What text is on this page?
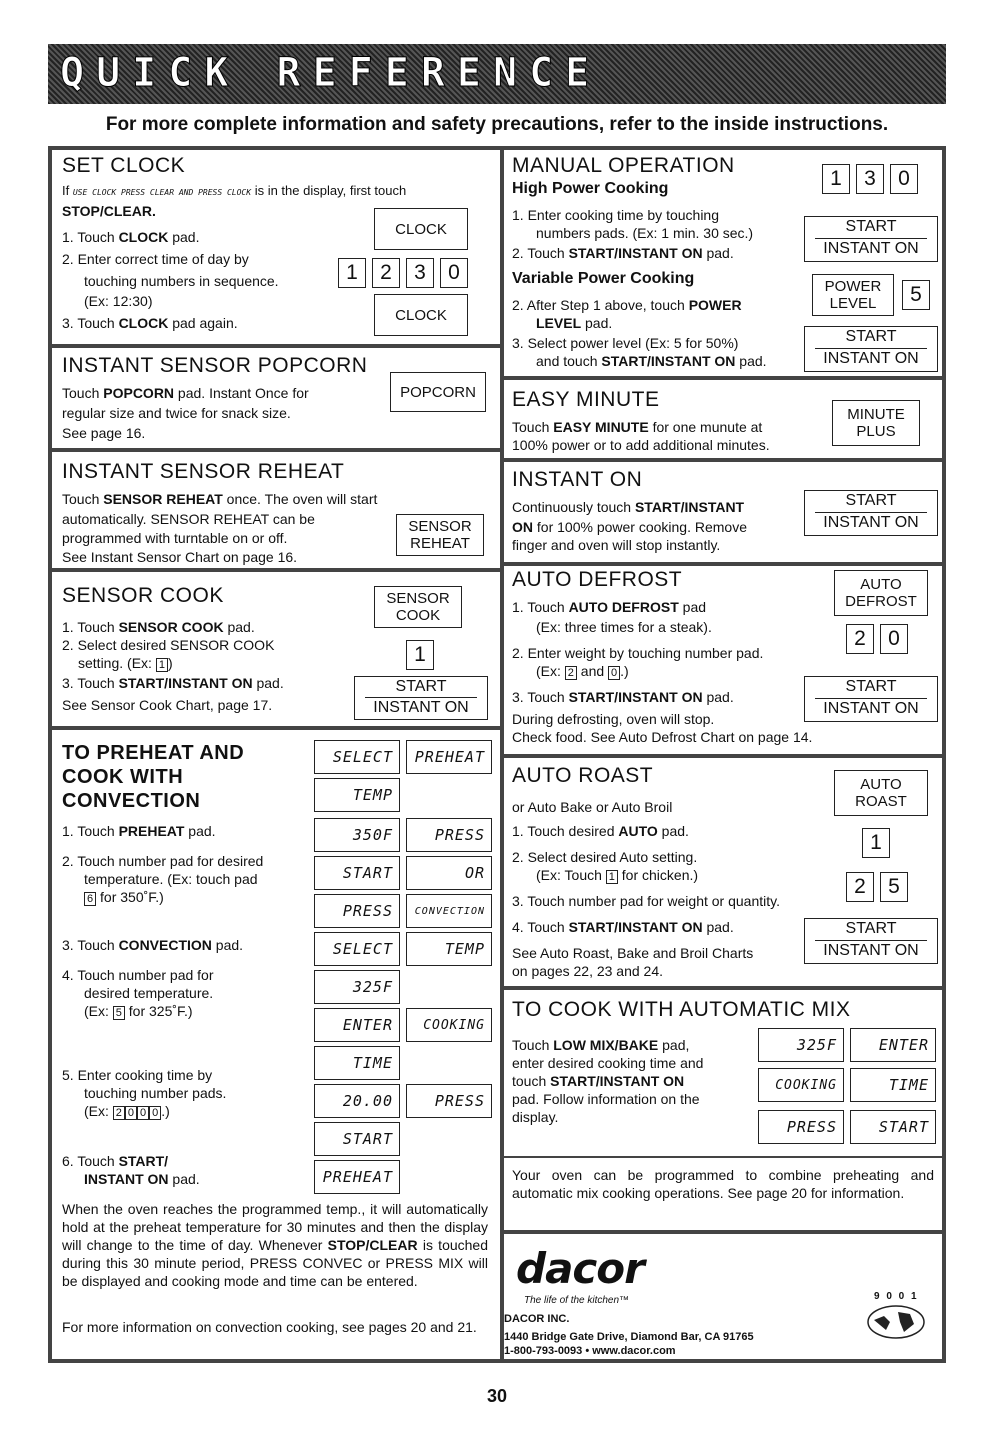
QUICK REFERENCE
For more complete information and safety precautions, refer to the inside instructions.
SET CLOCK
If USE CLOCK PRESS CLEAR AND PRESS CLOCK is in the display, first touch
STOP/CLEAR.
1. Touch CLOCK pad.
2. Enter correct time of day by
touching numbers in sequence.
(Ex: 12:30)
3. Touch CLOCK pad again.
CLOCK
1	2	3	0
CLOCK
INSTANT SENSOR POPCORN
Touch POPCORN pad. Instant Once for
regular size and twice for snack size.
See page 16.
POPCORN
INSTANT SENSOR REHEAT
Touch SENSOR REHEAT once. The oven will start
automatically. SENSOR REHEAT can be
programmed with turntable on or off.
See Instant Sensor Chart on page 16.
SENSOR
REHEAT
SENSOR COOK
1. Touch SENSOR COOK pad.
2. Select desired SENSOR COOK
setting. (Ex: 1 )
3. Touch START/INSTANT ON pad.
See Sensor Cook Chart, page 17.
SENSOR
COOK
1
START
INSTANT ON
TO PREHEAT AND
COOK WITH
CONVECTION
1. Touch PREHEAT pad.
2. Touch number pad for desired
temperature. (Ex: touch pad
6 for 350˚F.)
3. Touch CONVECTION pad.
4. Touch number pad for
desired temperature.
(Ex: 5 for 325˚F.)
5. Enter cooking time by
touching number pads.
(Ex: 2 0 0 0 .)
6. Touch START/
INSTANT ON pad.
When the oven reaches the programmed temp., it will automatically hold at the preheat temperature for 30 minutes and then the display will change to the time of day. Whenever STOP/CLEAR is touched during this 30 minute period, PRESS CONVEC or PRESS MIX will be displayed and cooking mode and time can be entered.
For more information on convection cooking, see pages 20 and 21.
SELECT	PREHEAT
TEMP
350F	PRESS
START	OR
PRESS	CONVECTION
SELECT	TEMP
325F
ENTER	COOKING
TIME
20.00	PRESS
START
PREHEAT
MANUAL OPERATION
High Power Cooking
1. Enter cooking time by touching
numbers pads. (Ex: 1 min. 30 sec.)
2. Touch START/INSTANT ON pad.
Variable Power Cooking
2. After Step 1 above, touch POWER
LEVEL pad.
3. Select power level (Ex: 5 for 50%)
and touch START/INSTANT ON pad.
1	3	0
START
INSTANT ON
POWER
LEVEL	5
START
INSTANT ON
EASY MINUTE
Touch EASY MINUTE for one munute at
100% power or to add additional minutes.
MINUTE
PLUS
INSTANT ON
Continuously touch START/INSTANT
ON for 100% power cooking. Remove
finger and oven will stop instantly.
START
INSTANT ON
AUTO DEFROST
1. Touch AUTO DEFROST pad
(Ex: three times for a steak).
2. Enter weight by touching number pad.
(Ex: 2 and 0 .)
3. Touch START/INSTANT ON pad.
During defrosting, oven will stop.
Check food. See Auto Defrost Chart on page 14.
AUTO
DEFROST
2	0
START
INSTANT ON
AUTO ROAST
or Auto Bake or Auto Broil
1. Touch desired AUTO pad.
2. Select desired Auto setting.
(Ex: Touch 1 for chicken.)
3. Touch number pad for weight or quantity.
4. Touch START/INSTANT ON pad.
See Auto Roast, Bake and Broil Charts
on pages 22, 23 and 24.
AUTO
ROAST
1
2	5
START
INSTANT ON
TO COOK WITH AUTOMATIC MIX
Touch LOW MIX/BAKE pad,
enter desired cooking time and
touch START/INSTANT ON
pad. Follow information on the
display.
325F	ENTER
COOKING	TIME
PRESS	START
Your oven can be programmed to combine preheating and automatic mix cooking operations. See page 20 for information.
dacor
The life of the kitchen™
DACOR INC.
1440 Bridge Gate Drive, Diamond Bar, CA 91765
1-800-793-0093 • www.dacor.com
9 0 0 1
30
